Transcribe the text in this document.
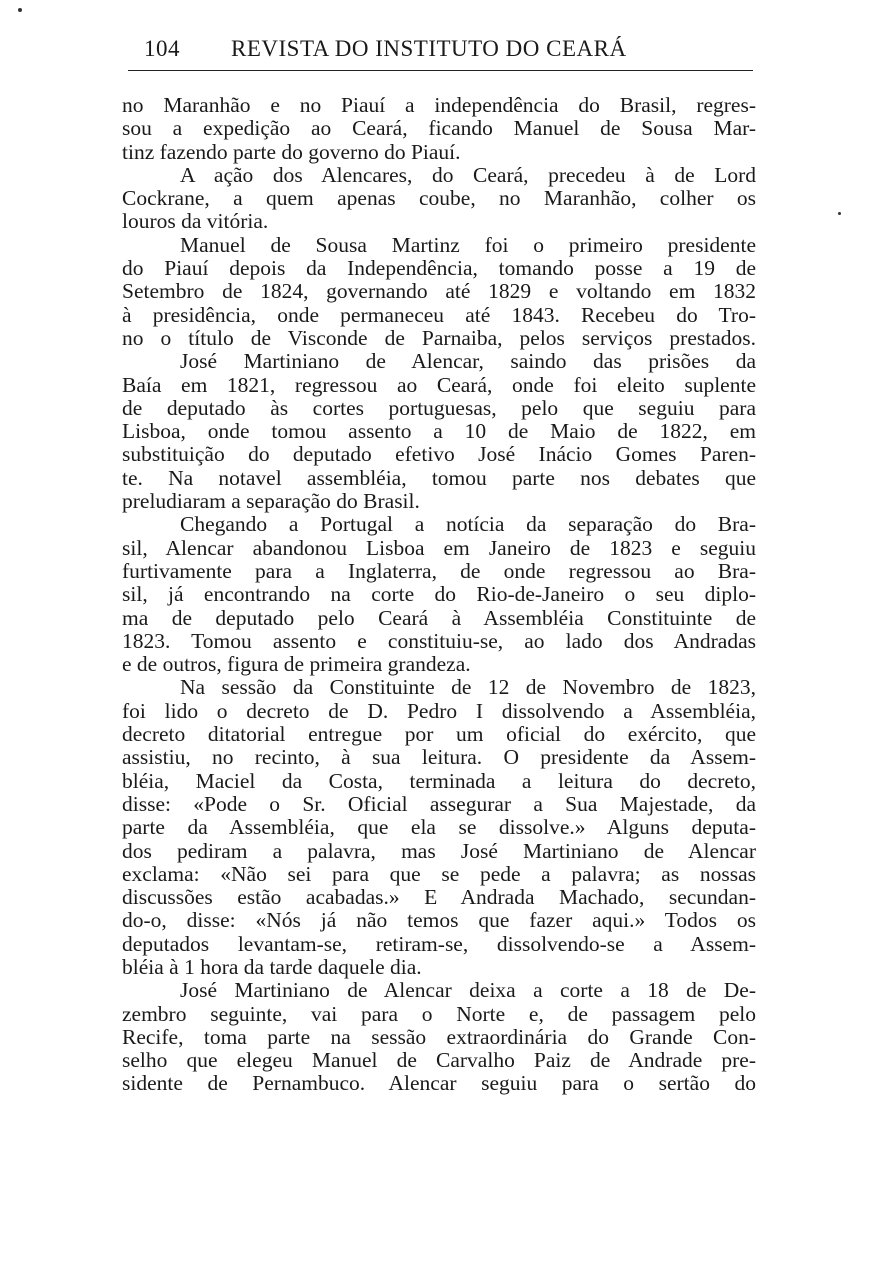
104 REVISTA DO INSTITUTO DO CEARÁ
no Maranhão e no Piauí a independência do Brasil, regres-
sou a expedição ao Ceará, ficando Manuel de Sousa Mar-
tinz fazendo parte do governo do Piauí.
A ação dos Alencares, do Ceará, precedeu à de Lord
Cockrane, a quem apenas coube, no Maranhão, colher os
louros da vitória.
Manuel de Sousa Martinz foi o primeiro presidente
do Piauí depois da Independência, tomando posse a 19 de
Setembro de 1824, governando até 1829 e voltando em 1832
à presidência, onde permaneceu até 1843. Recebeu do Tro-
no o título de Visconde de Parnaiba, pelos serviços prestados.
José Martiniano de Alencar, saindo das prisões da
Baía em 1821, regressou ao Ceará, onde foi eleito suplente
de deputado às cortes portuguesas, pelo que seguiu para
Lisboa, onde tomou assento a 10 de Maio de 1822, em
substituição do deputado efetivo José Inácio Gomes Paren-
te. Na notavel assembléia, tomou parte nos debates que
preludiaram a separação do Brasil.
Chegando a Portugal a notícia da separação do Bra-
sil, Alencar abandonou Lisboa em Janeiro de 1823 e seguiu
furtivamente para a Inglaterra, de onde regressou ao Bra-
sil, já encontrando na corte do Rio-de-Janeiro o seu diplo-
ma de deputado pelo Ceará à Assembléia Constituinte de
1823. Tomou assento e constituiu-se, ao lado dos Andradas
e de outros, figura de primeira grandeza.
Na sessão da Constituinte de 12 de Novembro de 1823,
foi lido o decreto de D. Pedro I dissolvendo a Assembléia,
decreto ditatorial entregue por um oficial do exército, que
assistiu, no recinto, à sua leitura. O presidente da Assem-
bléia, Maciel da Costa, terminada a leitura do decreto,
disse: «Pode o Sr. Oficial assegurar a Sua Majestade, da
parte da Assembléia, que ela se dissolve.» Alguns deputa-
dos pediram a palavra, mas José Martiniano de Alencar
exclama: «Não sei para que se pede a palavra; as nossas
discussões estão acabadas.» E Andrada Machado, secundan-
do-o, disse: «Nós já não temos que fazer aqui.» Todos os
deputados levantam-se, retiram-se, dissolvendo-se a Assem-
bléia à 1 hora da tarde daquele dia.
José Martiniano de Alencar deixa a corte a 18 de De-
zembro seguinte, vai para o Norte e, de passagem pelo
Recife, toma parte na sessão extraordinária do Grande Con-
selho que elegeu Manuel de Carvalho Paiz de Andrade pre-
sidente de Pernambuco. Alencar seguiu para o sertão do
